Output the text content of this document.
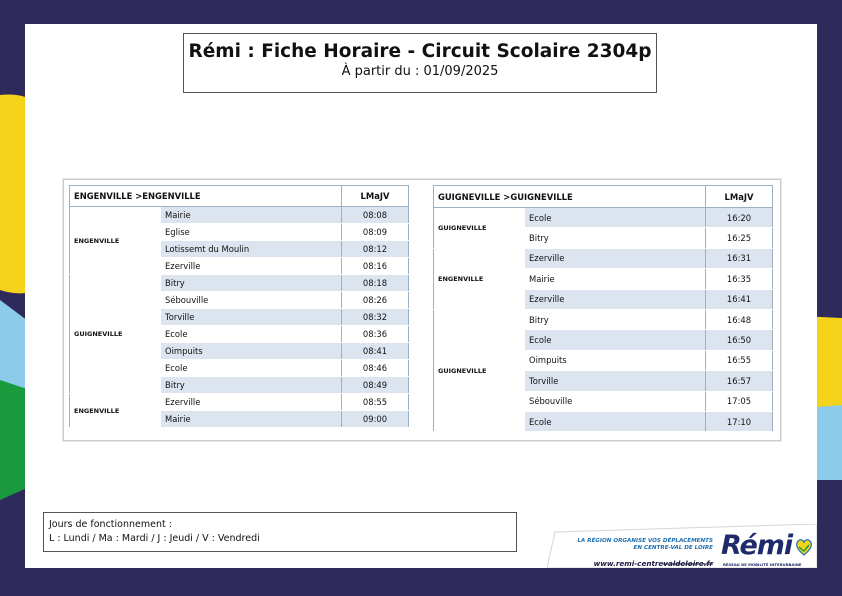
Rémi : Fiche Horaire - Circuit Scolaire 2304p
À partir du : 01/09/2025
ENGENVILLE >ENGENVILLE		LMaJV
ENGENVILLE	Mairie	08:08
	Eglise	08:09
	Lotissemt du Moulin	08:12
	Ezerville	08:16
GUIGNEVILLE	Bitry	08:18
	Sébouville	08:26
	Torville	08:32
	Ecole	08:36
	Oimpuits	08:41
	Ecole	08:46
	Bitry	08:49
ENGENVILLE	Ezerville	08:55
	Mairie	09:00
GUIGNEVILLE >GUIGNEVILLE		LMaJV
GUIGNEVILLE	Ecole	16:20
	Bitry	16:25
ENGENVILLE	Ezerville	16:31
	Mairie	16:35
	Ezerville	16:41
GUIGNEVILLE	Bitry	16:48
	Ecole	16:50
	Oimpuits	16:55
	Torville	16:57
	Sébouville	17:05
	Ecole	17:10
Jours de fonctionnement :
L : Lundi / Ma : Mardi / J : Jeudi / V : Vendredi	LA RÉGION ORGANISE VOS DÉPLACEMENTS
EN CENTRE-VAL DE LOIRE
www.remi-centrevaldeloire.fr
Rémi
RÉSEAU DE MOBILITÉ INTERURBAINE
